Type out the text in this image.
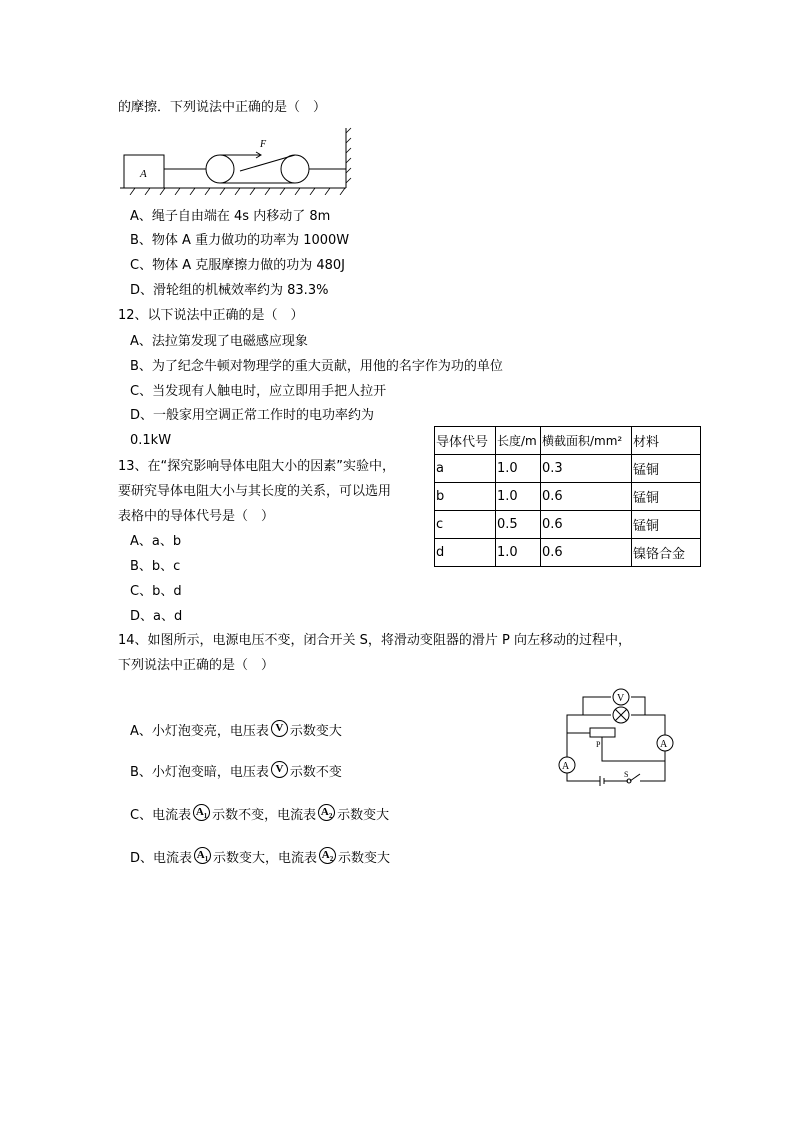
的摩擦．下列说法中正确的是（　）
A
F
A、绳子自由端在 4s 内移动了 8m
B、物体 A 重力做功的功率为 1000W
C、物体 A 克服摩擦力做的功为 480J
D、滑轮组的机械效率约为 83.3%
12、以下说法中正确的是（　）
A、法拉第发现了电磁感应现象
B、为了纪念牛顿对物理学的重大贡献，用他的名字作为功的单位
C、当发现有人触电时，应立即用手把人拉开
D、一般家用空调正常工作时的电功率约为
0.1kW
13、在“探究影响导体电阻大小的因素”实验中，
要研究导体电阻大小与其长度的关系，可以选用
表格中的导体代号是（　）
A、a、b
B、b、c
C、b、d
D、a、d
导体代号	长度/m	横截面积/mm²	材料
a	1.0	0.3	锰铜
b	1.0	0.6	锰铜
c	0.5	0.6	锰铜
d	1.0	0.6	镍铬合金
14、如图所示，电源电压不变，闭合开关 S，将滑动变阻器的滑片 P 向左移动的过程中，
下列说法中正确的是（　）
V
A
A
P
S
A、小灯泡变亮，电压表 V 示数变大
B、小灯泡变暗，电压表 V 示数不变
C、电流表 $A_1$ 示数不变，电流表 $A_2$ 示数变大
D、电流表 $A_1$ 示数变大，电流表 $A_2$ 示数变大
